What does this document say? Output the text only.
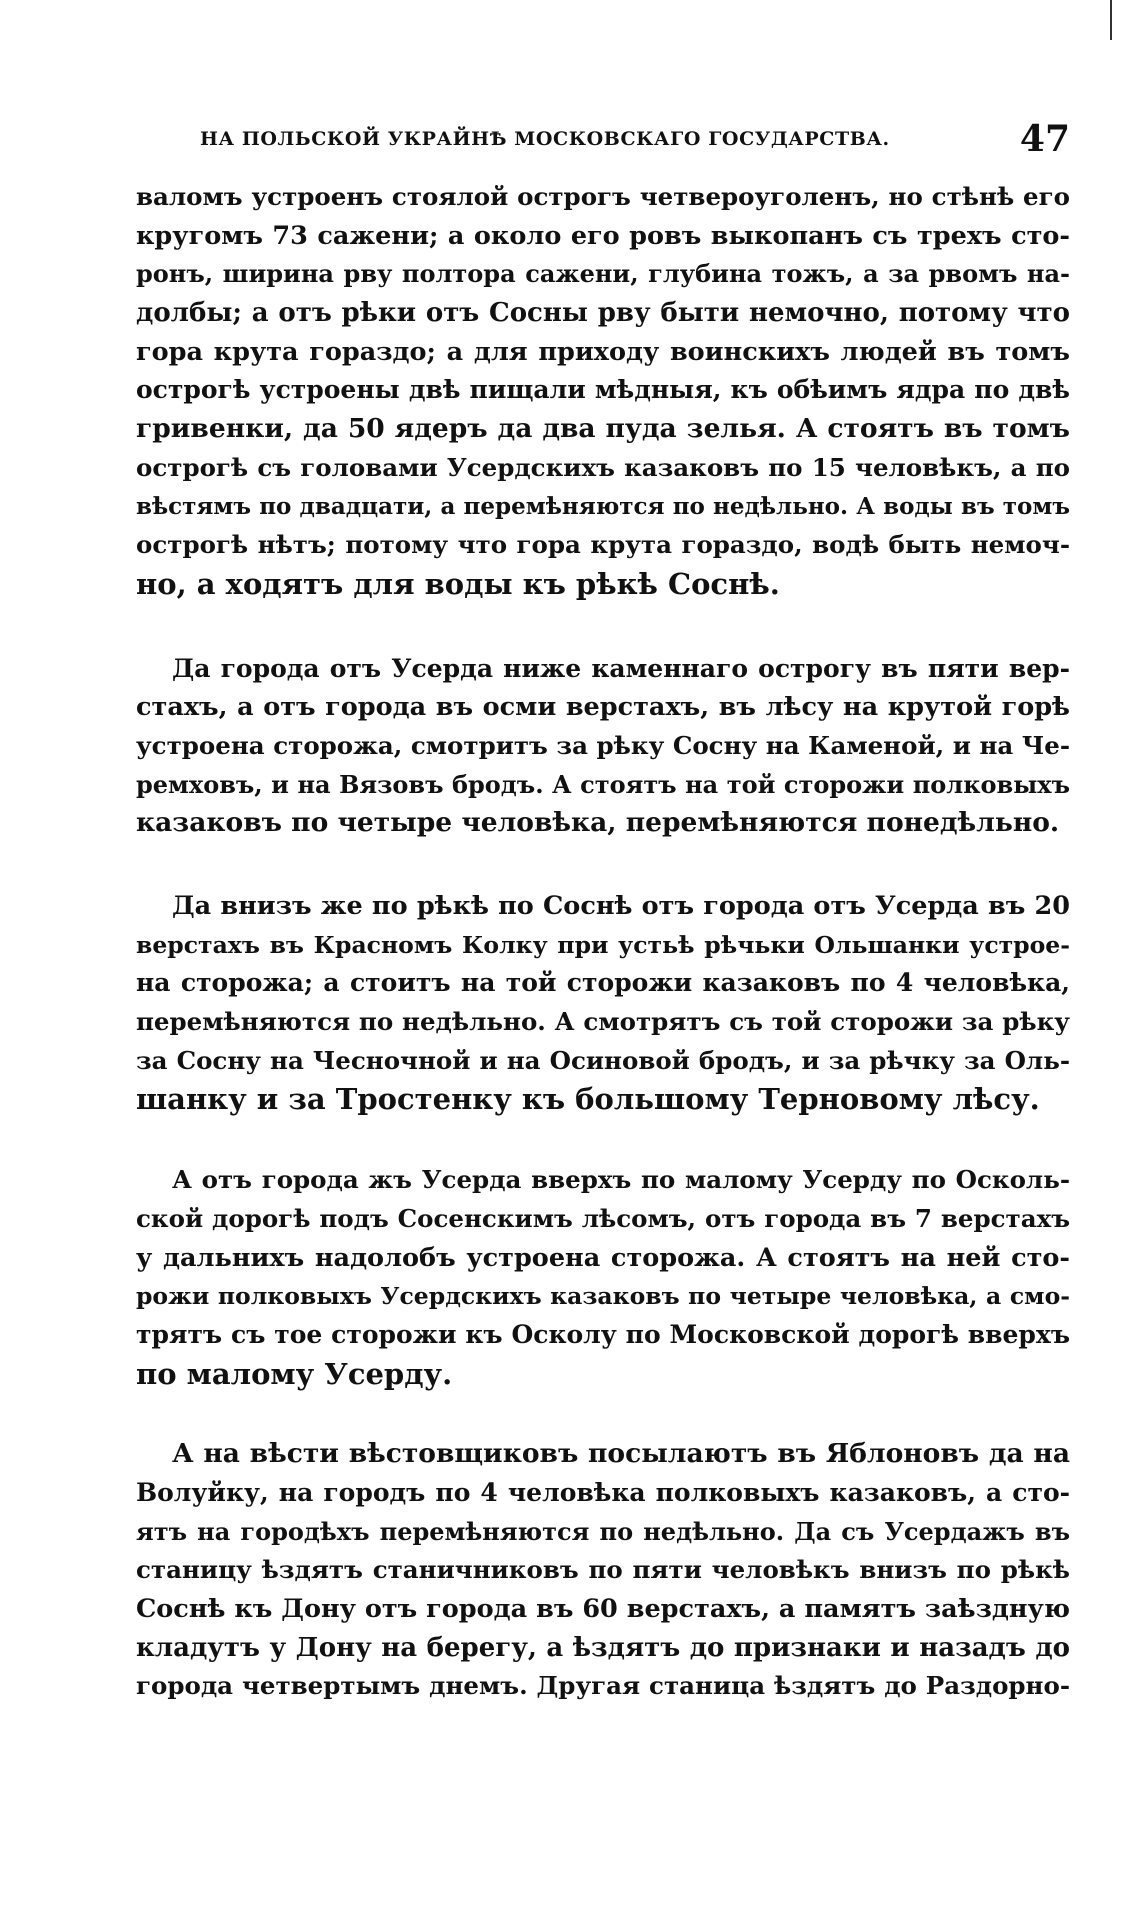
НА ПОЛЬСКОЙ УКРАЙНѢ МОСКОВСКАГО ГОСУДАРСТВА.	47
валомъ устроенъ стоялой острогъ четвероуголенъ, но стѣнѣ его
кругомъ 73 сажени; а около его ровъ выкопанъ съ трехъ сто-
ронъ, ширина рву полтора сажени, глубина тожъ, а за рвомъ на-
долбы; а отъ рѣки отъ Сосны рву быти немочно, потому что
гора крута гораздо; а для приходу воинскихъ людей въ томъ
острогѣ устроены двѣ пищали мѣдныя, къ обѣимъ ядра по двѣ
гривенки, да 50 ядеръ да два пуда зелья. А стоятъ въ томъ
острогѣ съ головами Усердскихъ казаковъ по 15 человѣкъ, а по
вѣстямъ по двадцати, а перемѣняются по недѣльно. А воды въ томъ
острогѣ нѣтъ; потому что гора крута гораздо, водѣ быть немоч-
но, а ходятъ для воды къ рѣкѣ Соснѣ.
Да города отъ Усерда ниже каменнаго острогу въ пяти вер-
стахъ, а отъ города въ осми верстахъ, въ лѣсу на крутой горѣ
устроена сторожа, смотритъ за рѣку Сосну на Каменой, и на Че-
ремховъ, и на Вязовъ бродъ. А стоятъ на той сторожи полковыхъ
казаковъ по четыре человѣка, перемѣняются понедѣльно.
Да внизъ же по рѣкѣ по Соснѣ отъ города отъ Усерда въ 20
верстахъ въ Красномъ Колку при устьѣ рѣчьки Ольшанки устрое-
на сторожа; а стоитъ на той сторожи казаковъ по 4 человѣка,
перемѣняются по недѣльно. А смотрятъ съ той сторожи за рѣку
за Сосну на Чесночной и на Осиновой бродъ, и за рѣчку за Оль-
шанку и за Тростенку къ большому Терновому лѣсу.
А отъ города жъ Усерда вверхъ по малому Усерду по Осколь-
ской дорогѣ подъ Сосенскимъ лѣсомъ, отъ города въ 7 верстахъ
у дальнихъ надолобъ устроена сторожа. А стоятъ на ней сто-
рожи полковыхъ Усердскихъ казаковъ по четыре человѣка, а смо-
трятъ съ тое сторожи къ Осколу по Московской дорогѣ вверхъ
по малому Усерду.
А на вѣсти вѣстовщиковъ посылаютъ въ Яблоновъ да на
Волуйку, на городъ по 4 человѣка полковыхъ казаковъ, а сто-
ятъ на городѣхъ перемѣняются по недѣльно. Да съ Усердажъ въ
станицу ѣздятъ станичниковъ по пяти человѣкъ внизъ по рѣкѣ
Соснѣ къ Дону отъ города въ 60 верстахъ, а памятъ заѣздную
кладутъ у Дону на берегу, а ѣздятъ до признаки и назадъ до
города четвертымъ днемъ. Другая станица ѣздятъ до Раздорно-
